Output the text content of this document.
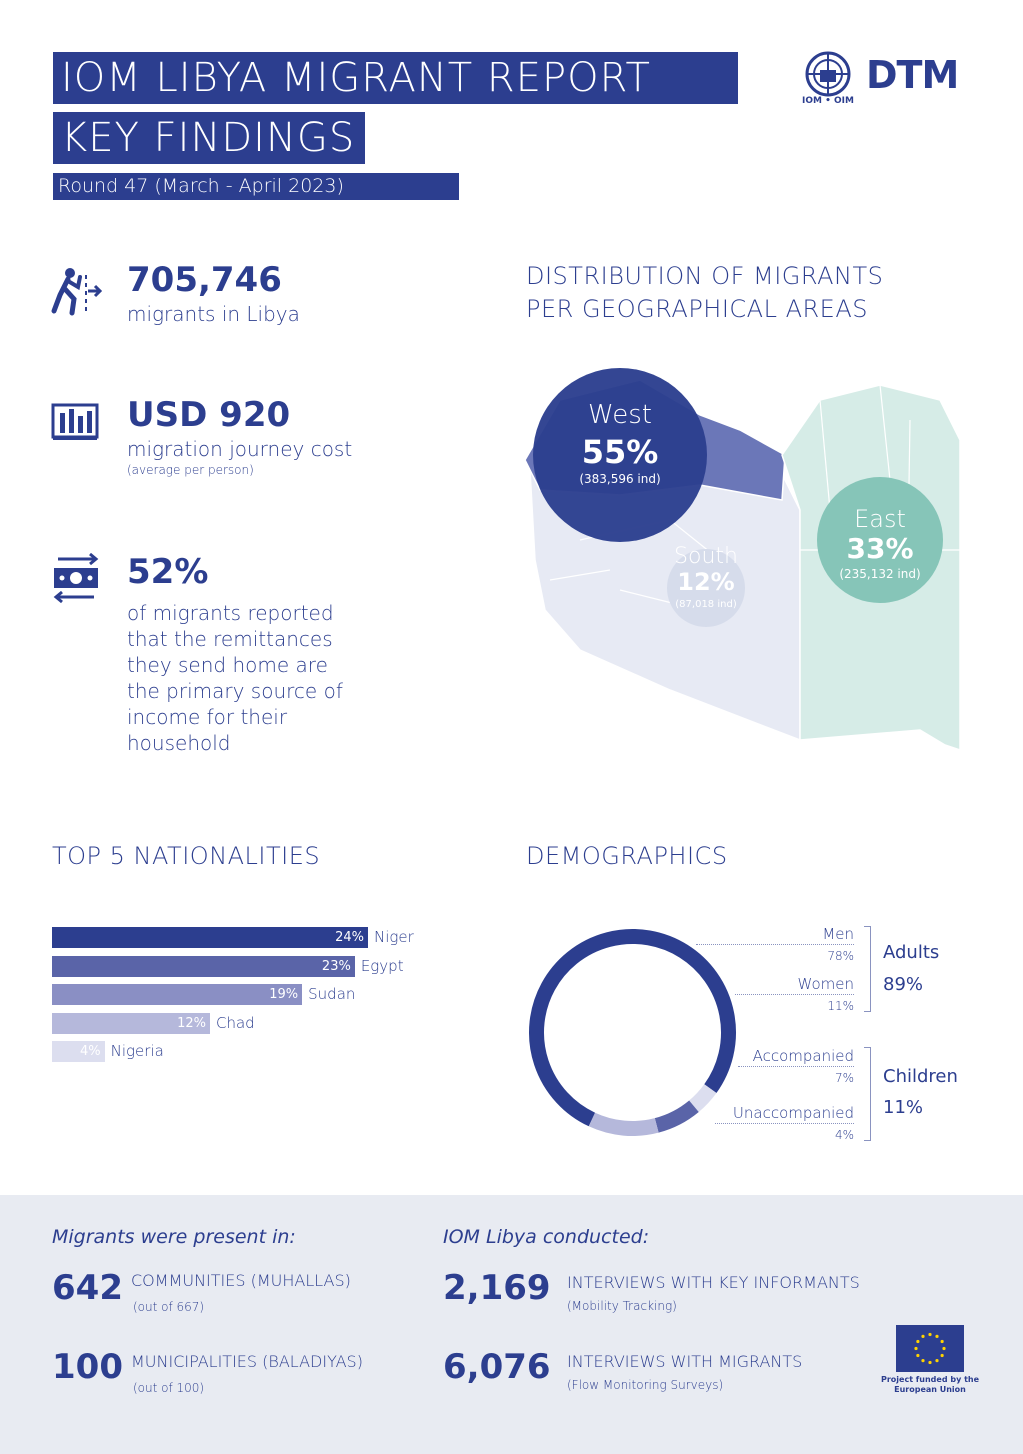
IOM LIBYA MIGRANT REPORT
KEY FINDINGS
Round 47 (March - April 2023)
IOM • OIM
DTM
705,746
migrants in Libya
USD 920
migration journey cost
(average per person)
52%
of migrants reported that the remittances they send home are the primary source of income for their household
DISTRIBUTION OF MIGRANTS
PER GEOGRAPHICAL AREAS
West
55%
(383,596 ind)
East
33%
(235,132 ind)
South
12%
(87,018 ind)
TOP 5 NATIONALITIES
24% Niger
23% Egypt
19% Sudan
12% Chad
4% Nigeria
DEMOGRAPHICS
Men
78%
Women
11%
Accompanied
7%
Unaccompanied
4%
Adults
89%
Children
11%
Migrants were present in:	IOM Libya conducted:
642 COMMUNITIES (MUHALLAS)
(out of 667)
100 MUNICIPALITIES (BALADIYAS)
(out of 100)
2,169 INTERVIEWS WITH KEY INFORMANTS
(Mobility Tracking)
6,076 INTERVIEWS WITH MIGRANTS
(Flow Monitoring Surveys)	Project funded by the European Union
